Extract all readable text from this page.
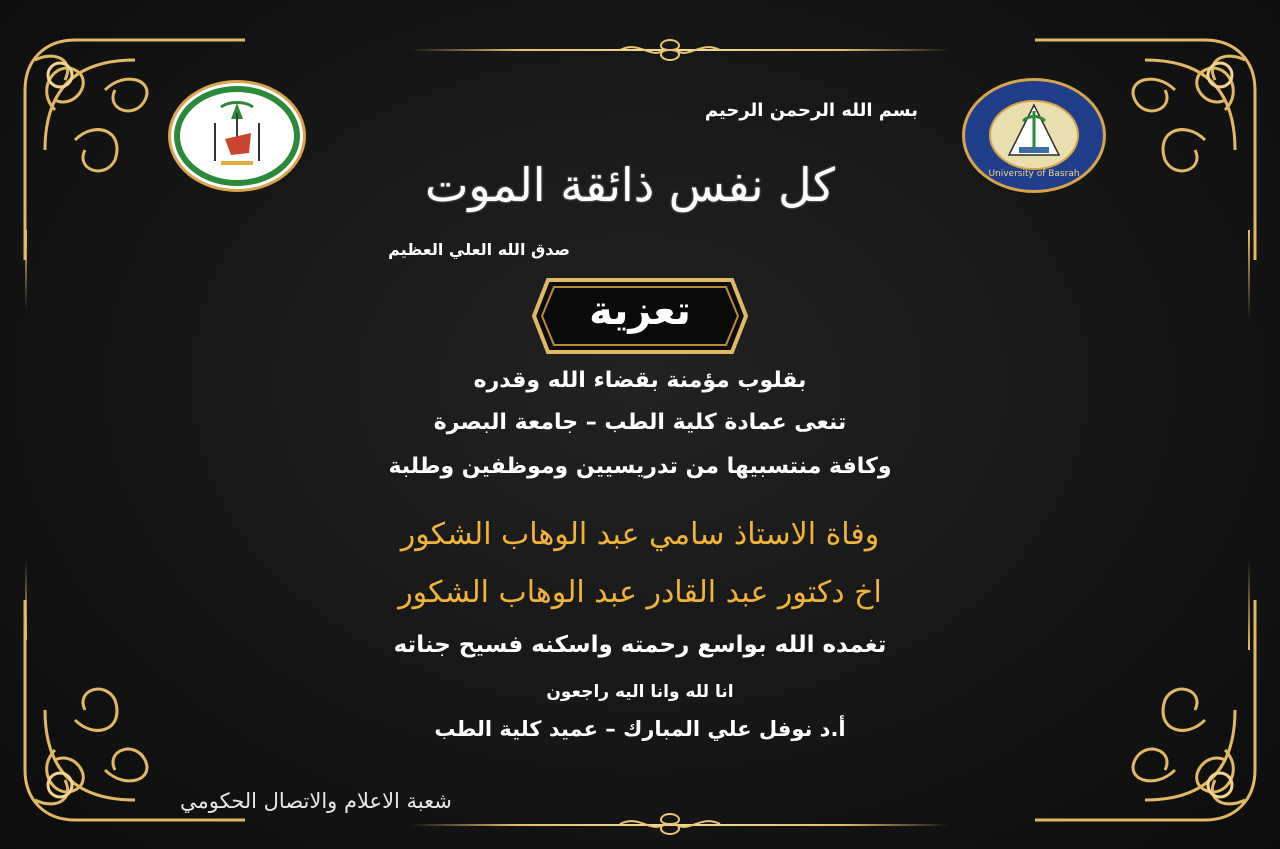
University of Basrah
بسم الله الرحمن الرحيم
كل نفس ذائقة الموت
صدق الله العلي العظيم
تعزية
بقلوب مؤمنة بقضاء الله وقدره
تنعى عمادة كلية الطب – جامعة البصرة
وكافة منتسبيها من تدريسيين وموظفين وطلبة
وفاة الاستاذ سامي عبد الوهاب الشكور
اخ دكتور عبد القادر عبد الوهاب الشكور
تغمده الله بواسع رحمته واسكنه فسيح جناته
انا لله وانا اليه راجعون
أ.د نوفل علي المبارك – عميد كلية الطب
شعبة الاعلام والاتصال الحكومي
